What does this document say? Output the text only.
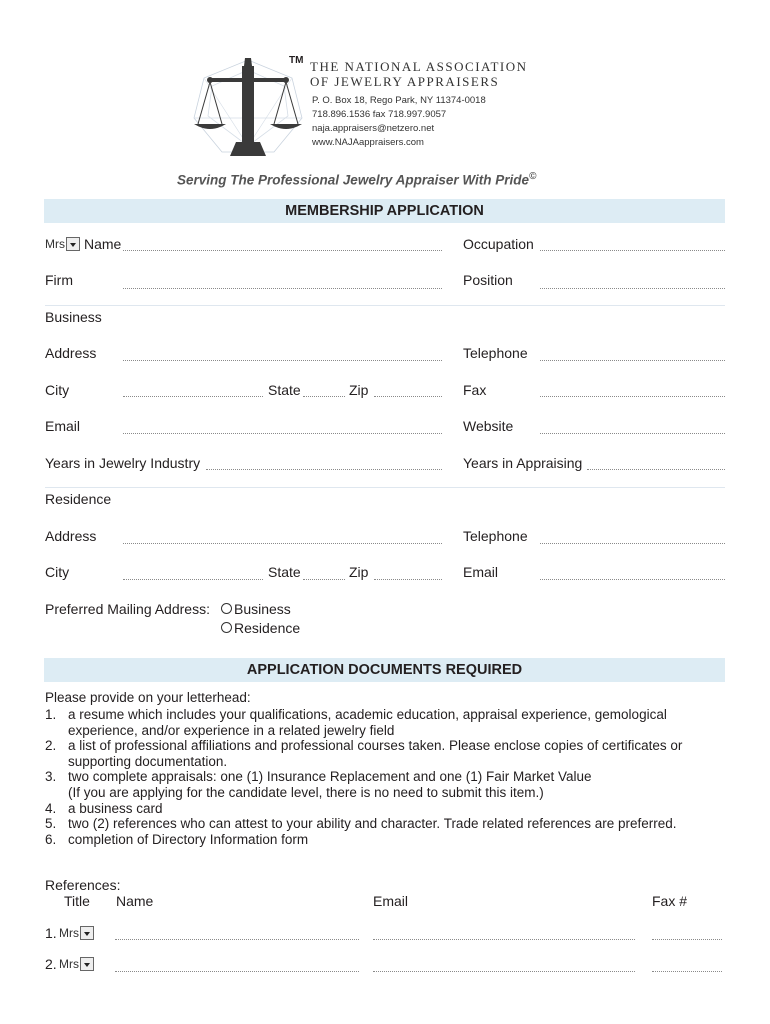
TM THE NATIONAL ASSOCIATION
OF JEWELRY APPRAISERS
P. O. Box 18, Rego Park, NY 11374-0018
718.896.1536 fax 718.997.9057
naja.appraisers@netzero.net
www.NAJAappraisers.com
Serving The Professional Jewelry Appraiser With Pride©
MEMBERSHIP APPLICATION
Mrs Name	Occupation
Firm	Position
Business
Address	Telephone
City	State	Zip	Fax
Email	Website
Years in Jewelry Industry	Years in Appraising
Residence
Address	Telephone
City	State	Zip	Email
Preferred Mailing Address: Business
Residence
APPLICATION DOCUMENTS REQUIRED
Please provide on your letterhead:
1. a resume which includes your qualifications, academic education, appraisal experience, gemological
experience, and/or experience in a related jewelry field
2. a list of professional affiliations and professional courses taken. Please enclose copies of certificates or
supporting documentation.
3. two complete appraisals: one (1) Insurance Replacement and one (1) Fair Market Value
(If you are applying for the candidate level, there is no need to submit this item.)
4. a business card
5. two (2) references who can attest to your ability and character. Trade related references are preferred.
6. completion of Directory Information form
References:
Title Name	Email	Fax #
1. Mrs
2. Mrs
